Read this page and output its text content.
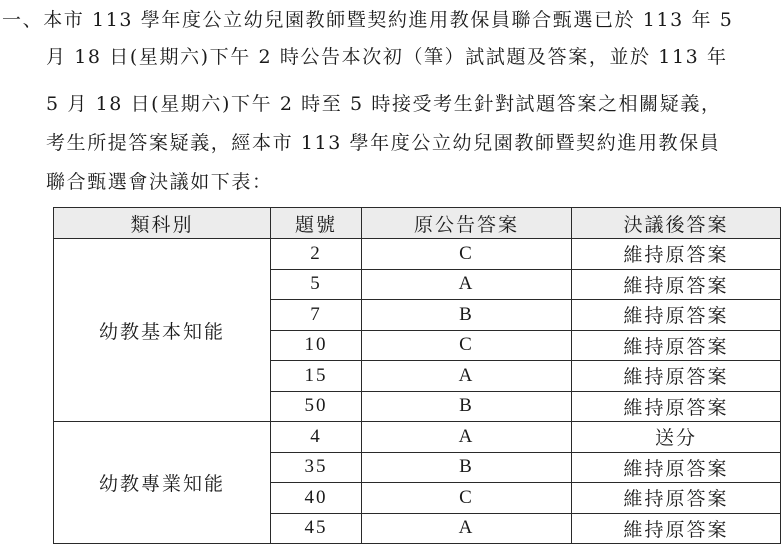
一、本市 113 學年度公立幼兒園教師暨契約進用教保員聯合甄選已於 113 年 5
月 18 日(星期六)下午 2 時公告本次初（筆）試試題及答案，並於 113 年
5 月 18 日(星期六)下午 2 時至 5 時接受考生針對試題答案之相關疑義，
考生所提答案疑義，經本市 113 學年度公立幼兒園教師暨契約進用教保員
聯合甄選會決議如下表：
類科別	題號	原公告答案	決議後答案
幼教基本知能	2	C	維持原答案
	5	A	維持原答案
	7	B	維持原答案
	10	C	維持原答案
	15	A	維持原答案
	50	B	維持原答案
幼教專業知能	4	A	送分
	35	B	維持原答案
	40	C	維持原答案
	45	A	維持原答案
